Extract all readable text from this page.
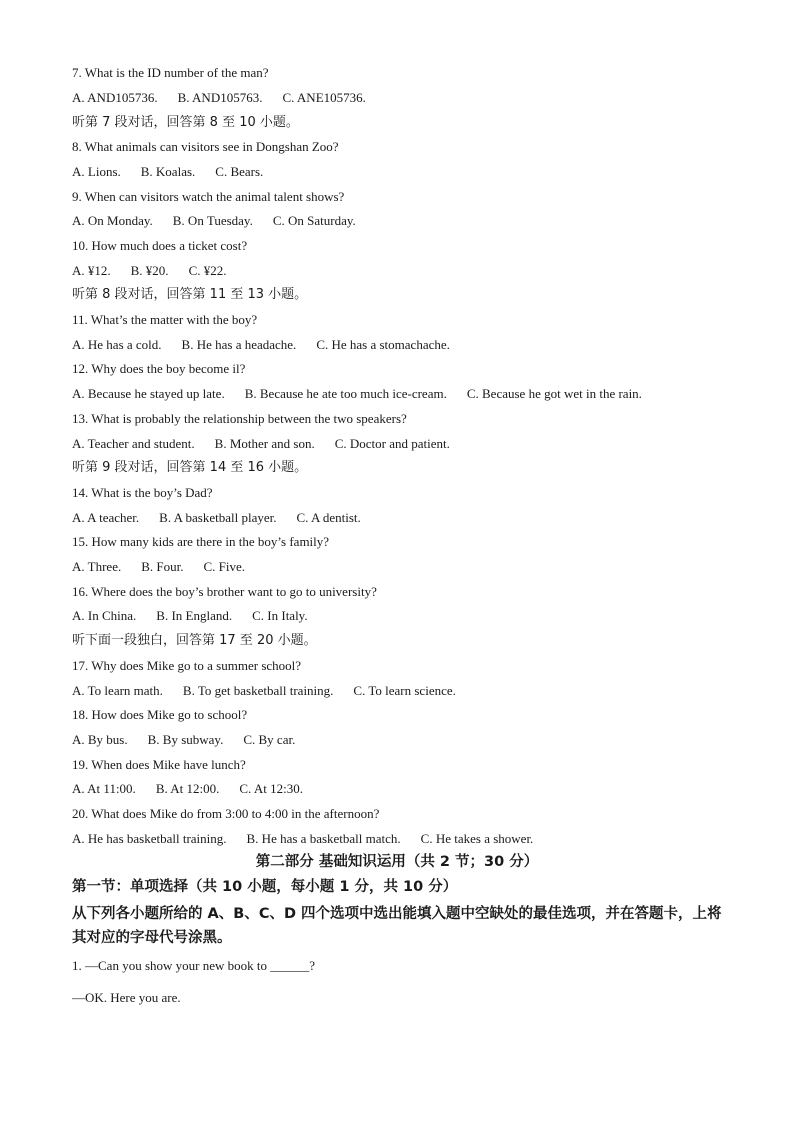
7. What is the ID number of the man?
A. AND105736. B. AND105763. C. ANE105736.
听第 7 段对话，回答第 8 至 10 小题。
8. What animals can visitors see in Dongshan Zoo?
A. Lions. B. Koalas. C. Bears.
9. When can visitors watch the animal talent shows?
A. On Monday. B. On Tuesday. C. On Saturday.
10. How much does a ticket cost?
A. ¥12. B. ¥20. C. ¥22.
听第 8 段对话，回答第 11 至 13 小题。
11. What’s the matter with the boy?
A. He has a cold. B. He has a headache. C. He has a stomachache.
12. Why does the boy become il?
A. Because he stayed up late. B. Because he ate too much ice-cream. C. Because he got wet in the rain.
13. What is probably the relationship between the two speakers?
A. Teacher and student. B. Mother and son. C. Doctor and patient.
听第 9 段对话，回答第 14 至 16 小题。
14. What is the boy’s Dad?
A. A teacher. B. A basketball player. C. A dentist.
15. How many kids are there in the boy’s family?
A. Three. B. Four. C. Five.
16. Where does the boy’s brother want to go to university?
A. In China. B. In England. C. In Italy.
听下面一段独白，回答第 17 至 20 小题。
17. Why does Mike go to a summer school?
A. To learn math. B. To get basketball training. C. To learn science.
18. How does Mike go to school?
A. By bus. B. By subway. C. By car.
19. When does Mike have lunch?
A. At 11:00. B. At 12:00. C. At 12:30.
20. What does Mike do from 3:00 to 4:00 in the afternoon?
A. He has basketball training. B. He has a basketball match. C. He takes a shower.
第二部分 基础知识运用（共 2 节；30 分）
第一节：单项选择（共 10 小题，每小题 1 分，共 10 分）
从下列各小题所给的 A、B、C、D 四个选项中选出能填入题中空缺处的最佳选项，并在答题卡，上将其对应的字母代号涂黑。
1. —Can you show your new book to ______?
—OK. Here you are.
